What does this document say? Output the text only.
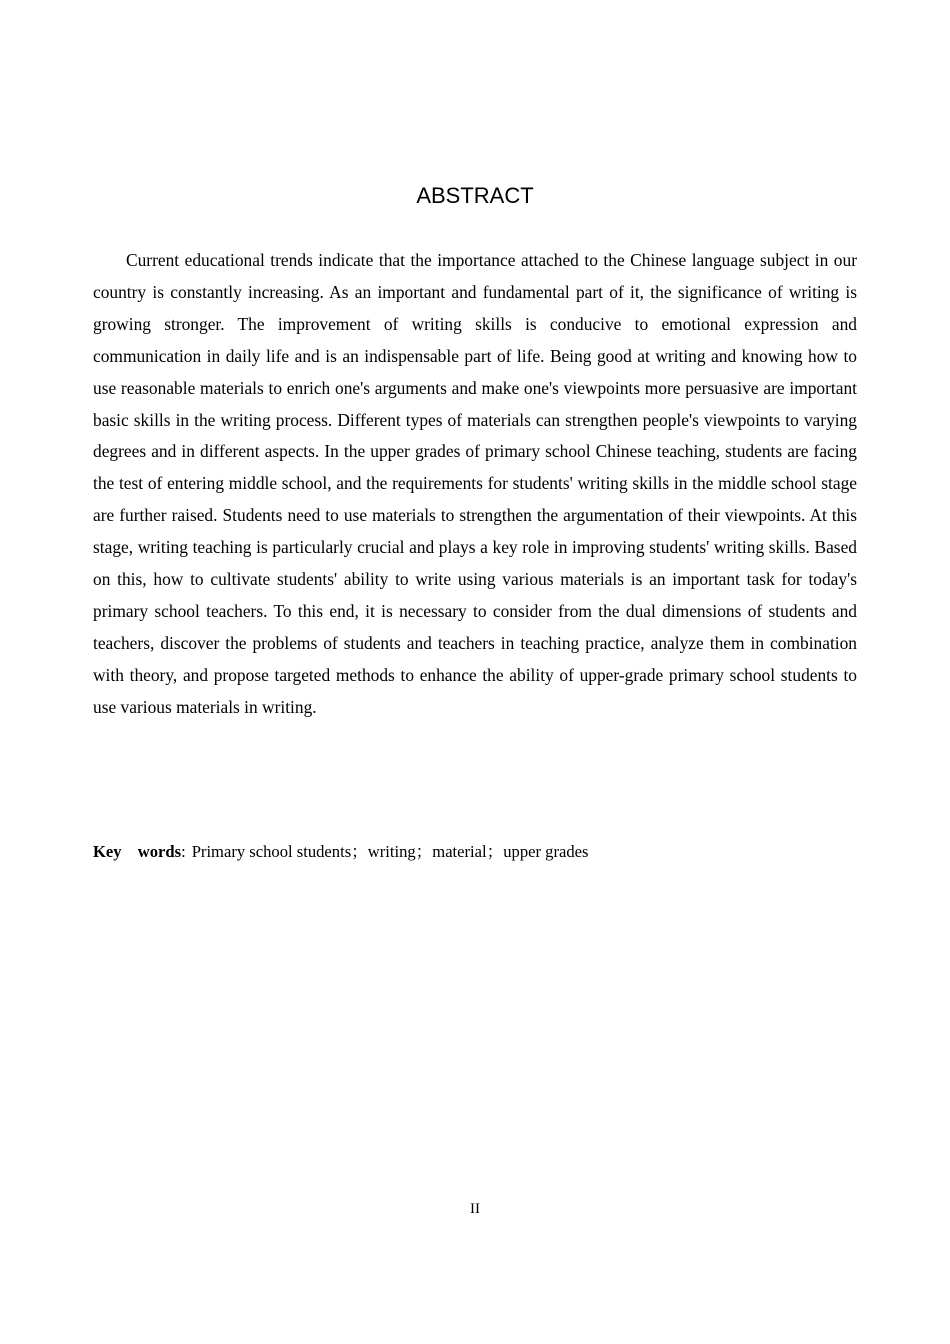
ABSTRACT

Current educational trends indicate that the importance attached to the Chinese language subject in our country is constantly increasing. As an important and fundamental part of it, the significance of writing is growing stronger. The improvement of writing skills is conducive to emotional expression and communication in daily life and is an indispensable part of life. Being good at writing and knowing how to use reasonable materials to enrich one's arguments and make one's viewpoints more persuasive are important basic skills in the writing process. Different types of materials can strengthen people's viewpoints to varying degrees and in different aspects. In the upper grades of primary school Chinese teaching, students are facing the test of entering middle school, and the requirements for students' writing skills in the middle school stage are further raised. Students need to use materials to strengthen the argumentation of their viewpoints. At this stage, writing teaching is particularly crucial and plays a key role in improving students' writing skills. Based on this, how to cultivate students' ability to write using various materials is an important task for today's primary school teachers. To this end, it is necessary to consider from the dual dimensions of students and teachers, discover the problems of students and teachers in teaching practice, analyze them in combination with theory, and propose targeted methods to enhance the ability of upper-grade primary school students to use various materials in writing.

Key words: Primary school students；writing；material；upper grades

II
